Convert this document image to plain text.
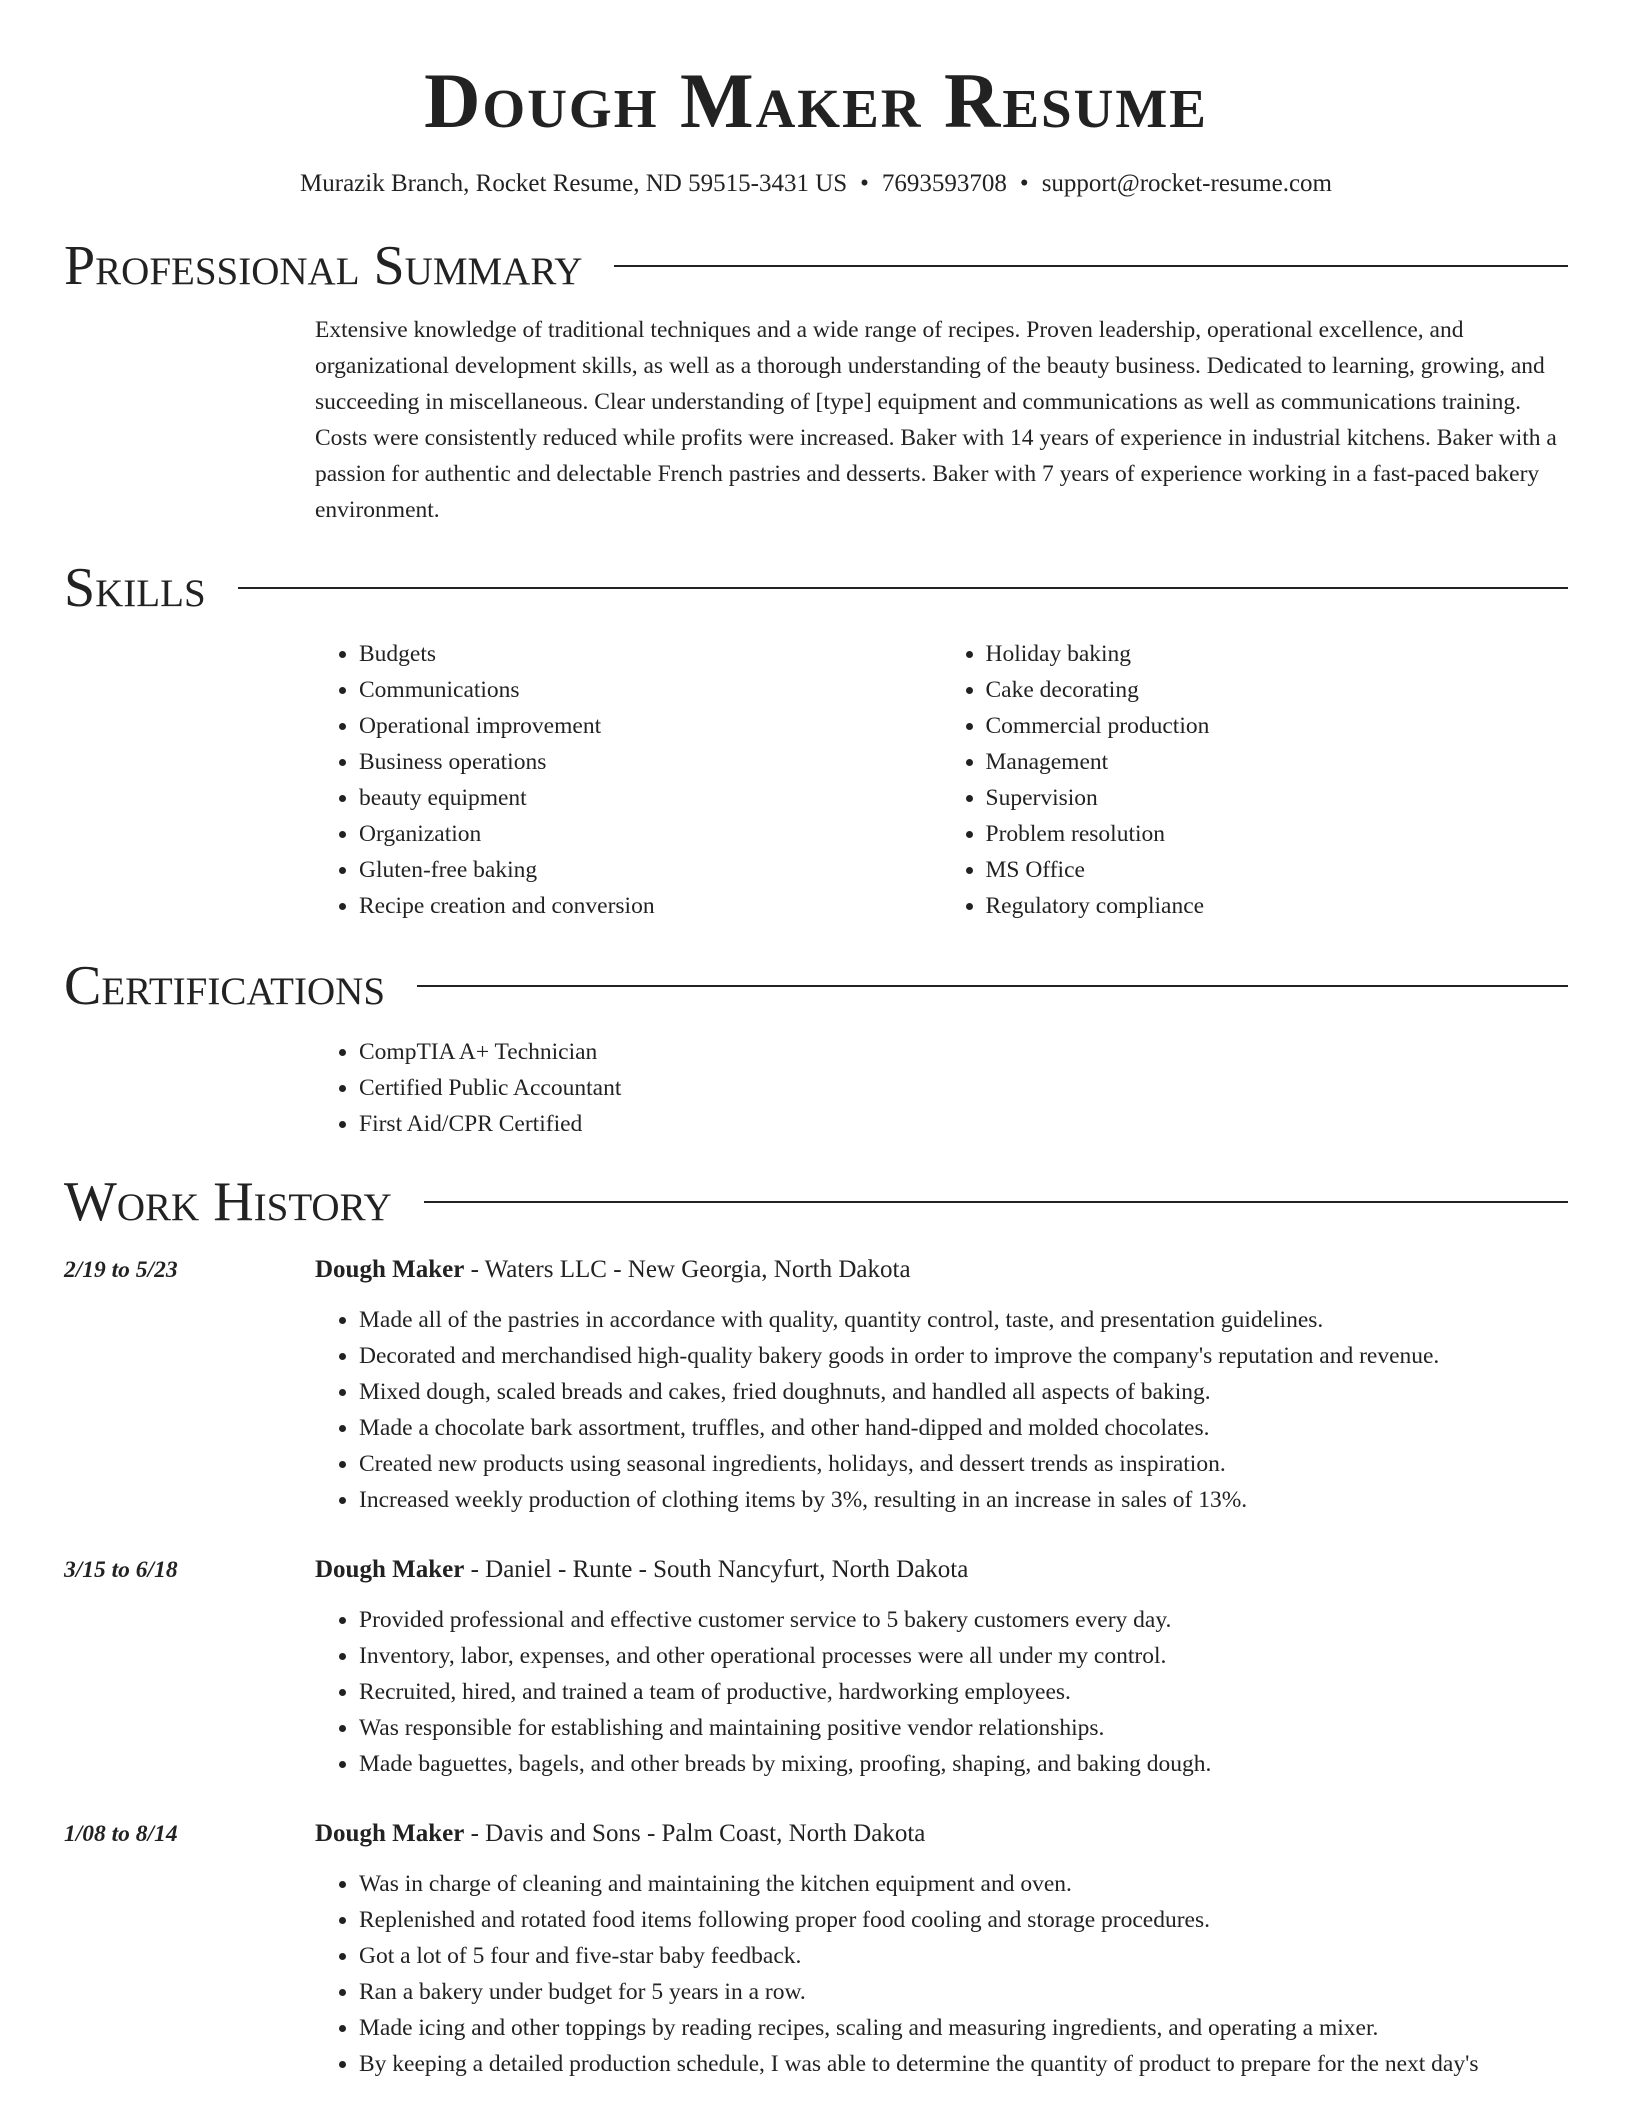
Dough Maker Resume
Murazik Branch, Rocket Resume, ND 59515-3431 US • 7693593708 • support@rocket-resume.com
Professional Summary

Extensive knowledge of traditional techniques and a wide range of recipes. Proven leadership, operational excellence, and organizational development skills, as well as a thorough understanding of the beauty business. Dedicated to learning, growing, and succeeding in miscellaneous. Clear understanding of [type] equipment and communications as well as communications training. Costs were consistently reduced while profits were increased. Baker with 14 years of experience in industrial kitchens. Baker with a passion for authentic and delectable French pastries and desserts. Baker with 7 years of experience working in a fast-paced bakery environment.

Skills
• Budgets
• Communications
• Operational improvement
• Business operations
• beauty equipment
• Organization
• Gluten-free baking
• Recipe creation and conversion
• Holiday baking
• Cake decorating
• Commercial production
• Management
• Supervision
• Problem resolution
• MS Office
• Regulatory compliance
Certifications
• CompTIA A+ Technician
• Certified Public Accountant
• First Aid/CPR Certified
Work History
2/19 to 5/23	Dough Maker - Waters LLC - New Georgia, North Dakota
• Made all of the pastries in accordance with quality, quantity control, taste, and presentation guidelines.
• Decorated and merchandised high-quality bakery goods in order to improve the company's reputation and revenue.
• Mixed dough, scaled breads and cakes, fried doughnuts, and handled all aspects of baking.
• Made a chocolate bark assortment, truffles, and other hand-dipped and molded chocolates.
• Created new products using seasonal ingredients, holidays, and dessert trends as inspiration.
• Increased weekly production of clothing items by 3%, resulting in an increase in sales of 13%.
3/15 to 6/18	Dough Maker - Daniel - Runte - South Nancyfurt, North Dakota
• Provided professional and effective customer service to 5 bakery customers every day.
• Inventory, labor, expenses, and other operational processes were all under my control.
• Recruited, hired, and trained a team of productive, hardworking employees.
• Was responsible for establishing and maintaining positive vendor relationships.
• Made baguettes, bagels, and other breads by mixing, proofing, shaping, and baking dough.
1/08 to 8/14	Dough Maker - Davis and Sons - Palm Coast, North Dakota
• Was in charge of cleaning and maintaining the kitchen equipment and oven.
• Replenished and rotated food items following proper food cooling and storage procedures.
• Got a lot of 5 four and five-star baby feedback.
• Ran a bakery under budget for 5 years in a row.
• Made icing and other toppings by reading recipes, scaling and measuring ingredients, and operating a mixer.
• By keeping a detailed production schedule, I was able to determine the quantity of product to prepare for the next day's
